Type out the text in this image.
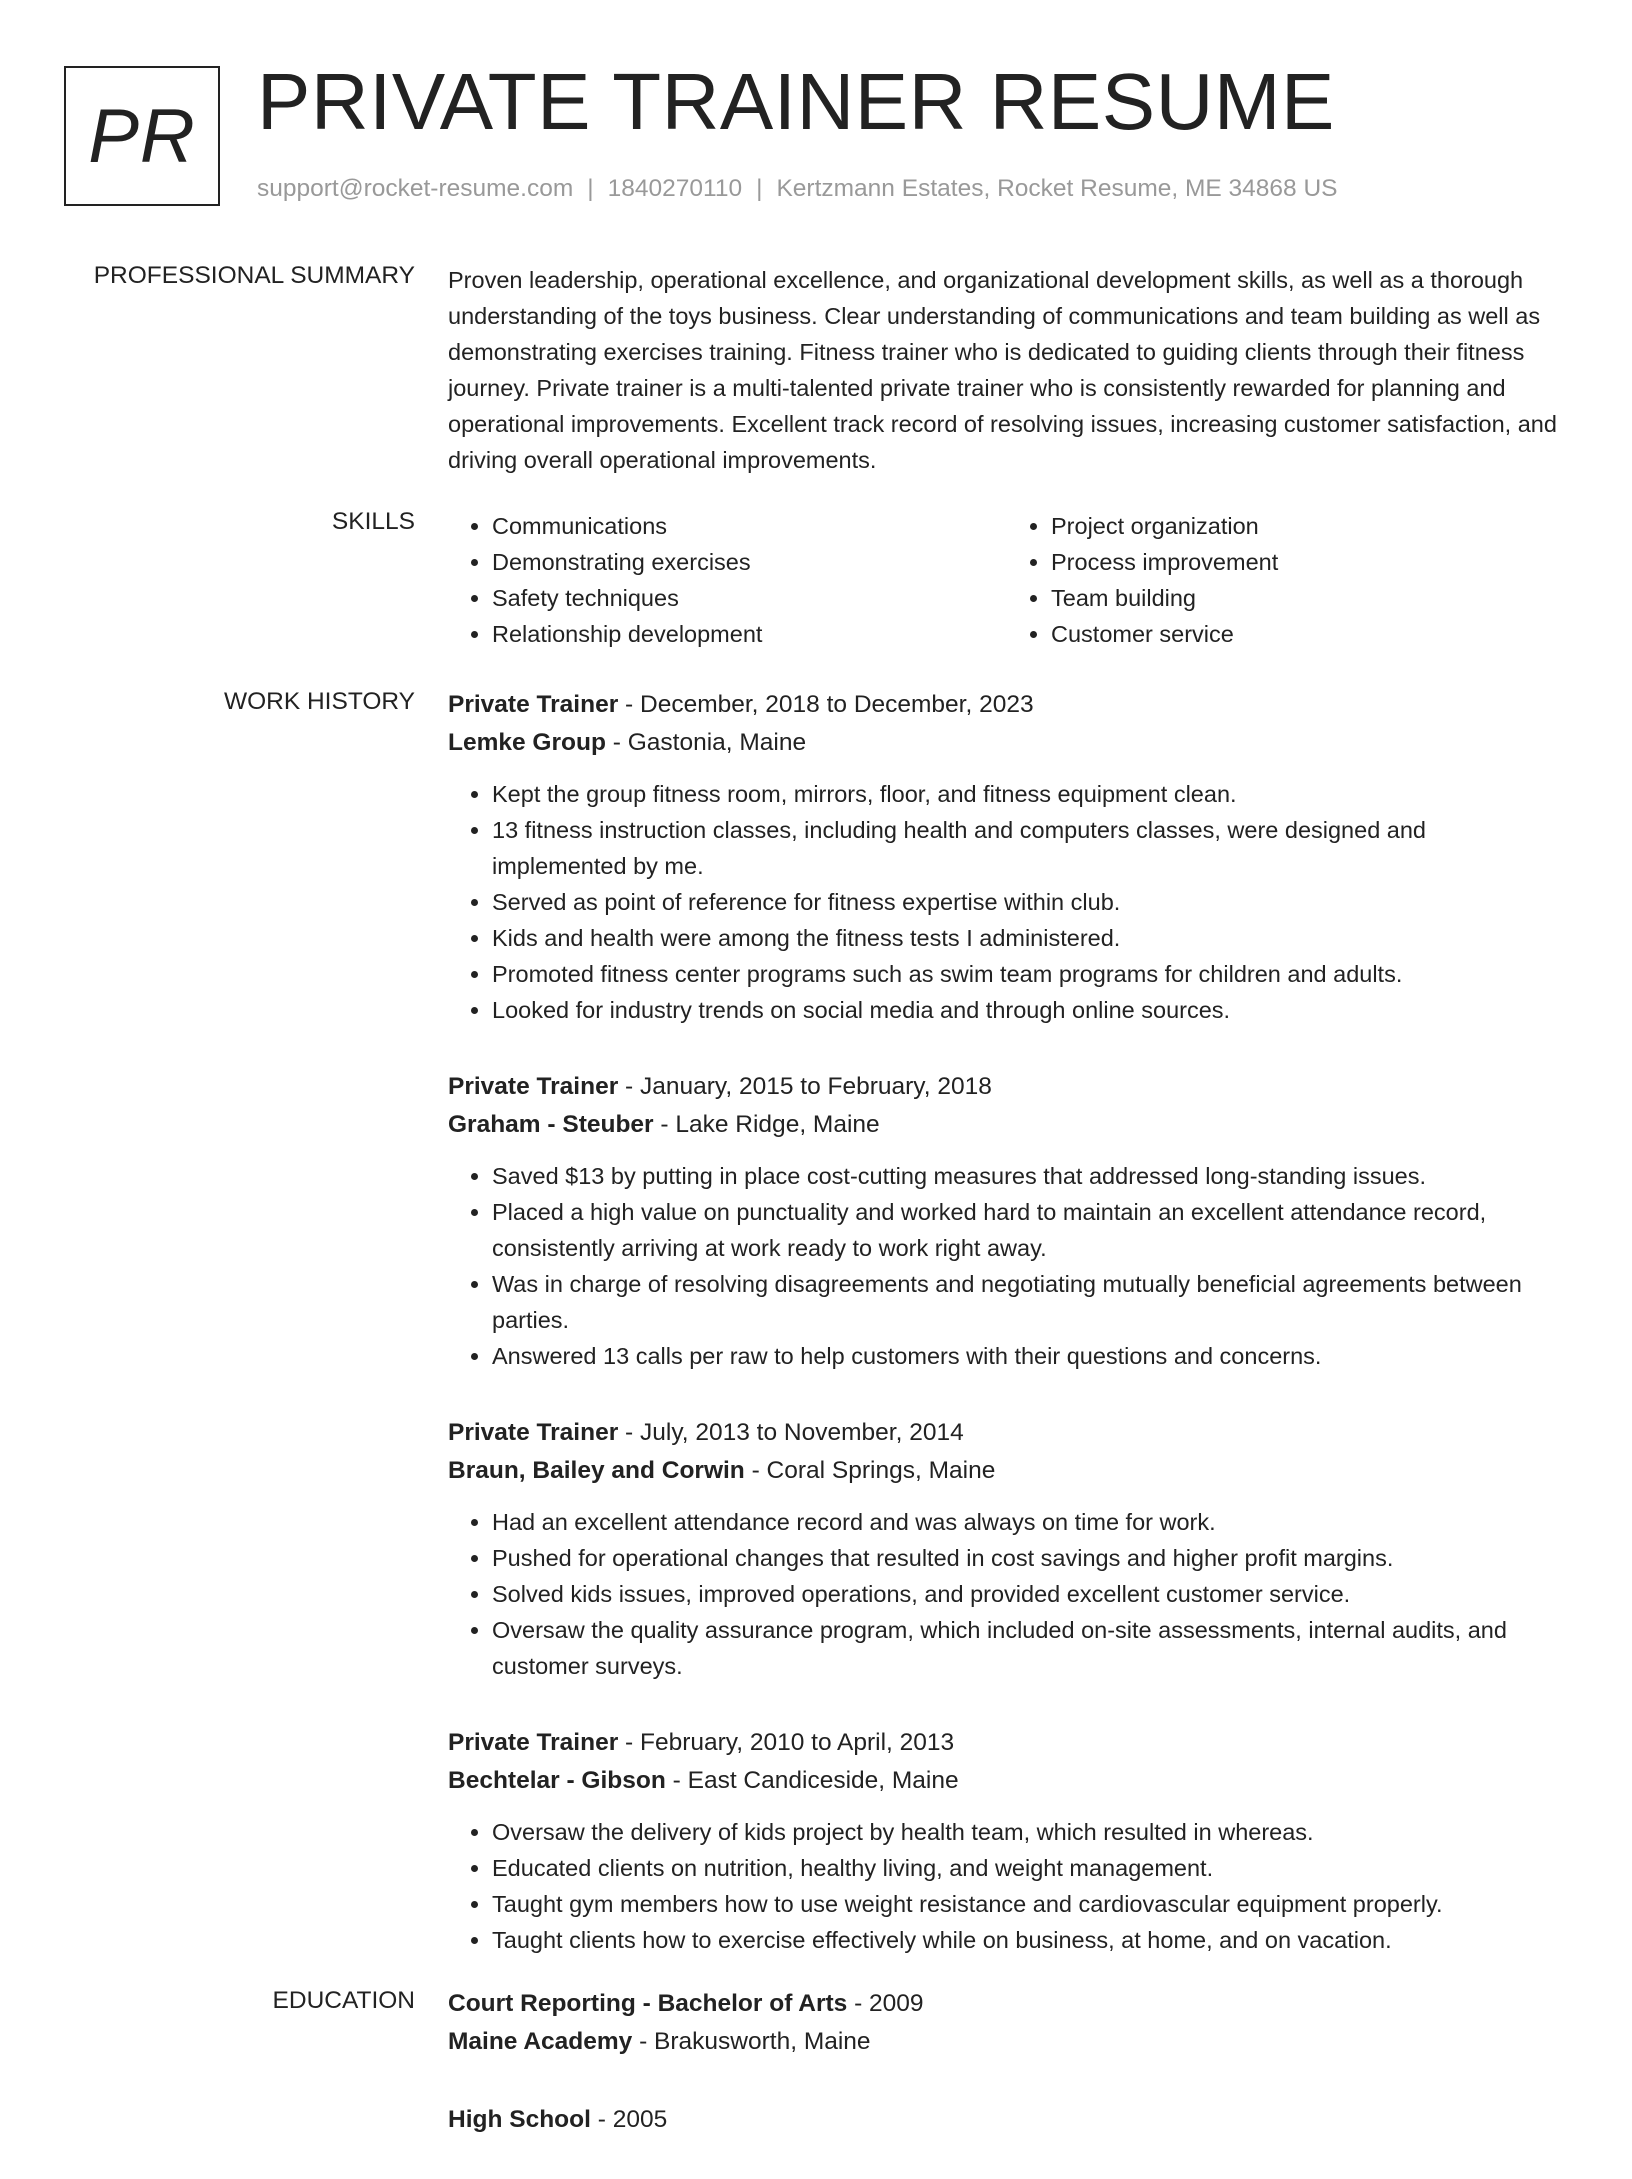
PR PRIVATE TRAINER RESUME
support@rocket-resume.com | 1840270110 | Kertzmann Estates, Rocket Resume, ME 34868 US
PROFESSIONAL SUMMARY Proven leadership, operational excellence, and organizational development skills, as well as a thorough understanding of the toys business. Clear understanding of communications and team building as well as demonstrating exercises training. Fitness trainer who is dedicated to guiding clients through their fitness journey. Private trainer is a multi-talented private trainer who is consistently rewarded for planning and operational improvements. Excellent track record of resolving issues, increasing customer satisfaction, and driving overall operational improvements.

SKILLS
•	Communications
• Demonstrating exercises
• Safety techniques
• Relationship development
• Project organization
• Process improvement
• Team building
• Customer service
WORK HISTORY Private Trainer - December, 2018 to December, 2023
Lemke Group - Gastonia, Maine
• Kept the group fitness room, mirrors, floor, and fitness equipment clean.
• 13 fitness instruction classes, including health and computers classes, were designed and implemented by me.
• Served as point of reference for fitness expertise within club.
• Kids and health were among the fitness tests I administered.
• Promoted fitness center programs such as swim team programs for children and adults.
• Looked for industry trends on social media and through online sources.
Private Trainer - January, 2015 to February, 2018
Graham - Steuber - Lake Ridge, Maine
• Saved $13 by putting in place cost-cutting measures that addressed long-standing issues.
• Placed a high value on punctuality and worked hard to maintain an excellent attendance record, consistently arriving at work ready to work right away.
• Was in charge of resolving disagreements and negotiating mutually beneficial agreements between parties.
• Answered 13 calls per raw to help customers with their questions and concerns.
Private Trainer - July, 2013 to November, 2014
Braun, Bailey and Corwin - Coral Springs, Maine
• Had an excellent attendance record and was always on time for work.
• Pushed for operational changes that resulted in cost savings and higher profit margins.
• Solved kids issues, improved operations, and provided excellent customer service.
• Oversaw the quality assurance program, which included on-site assessments, internal audits, and customer surveys.
Private Trainer - February, 2010 to April, 2013
Bechtelar - Gibson - East Candiceside, Maine
• Oversaw the delivery of kids project by health team, which resulted in whereas.
• Educated clients on nutrition, healthy living, and weight management.
• Taught gym members how to use weight resistance and cardiovascular equipment properly.
• Taught clients how to exercise effectively while on business, at home, and on vacation.
EDUCATION Court Reporting - Bachelor of Arts - 2009
Maine Academy - Brakusworth, Maine
High School - 2005
